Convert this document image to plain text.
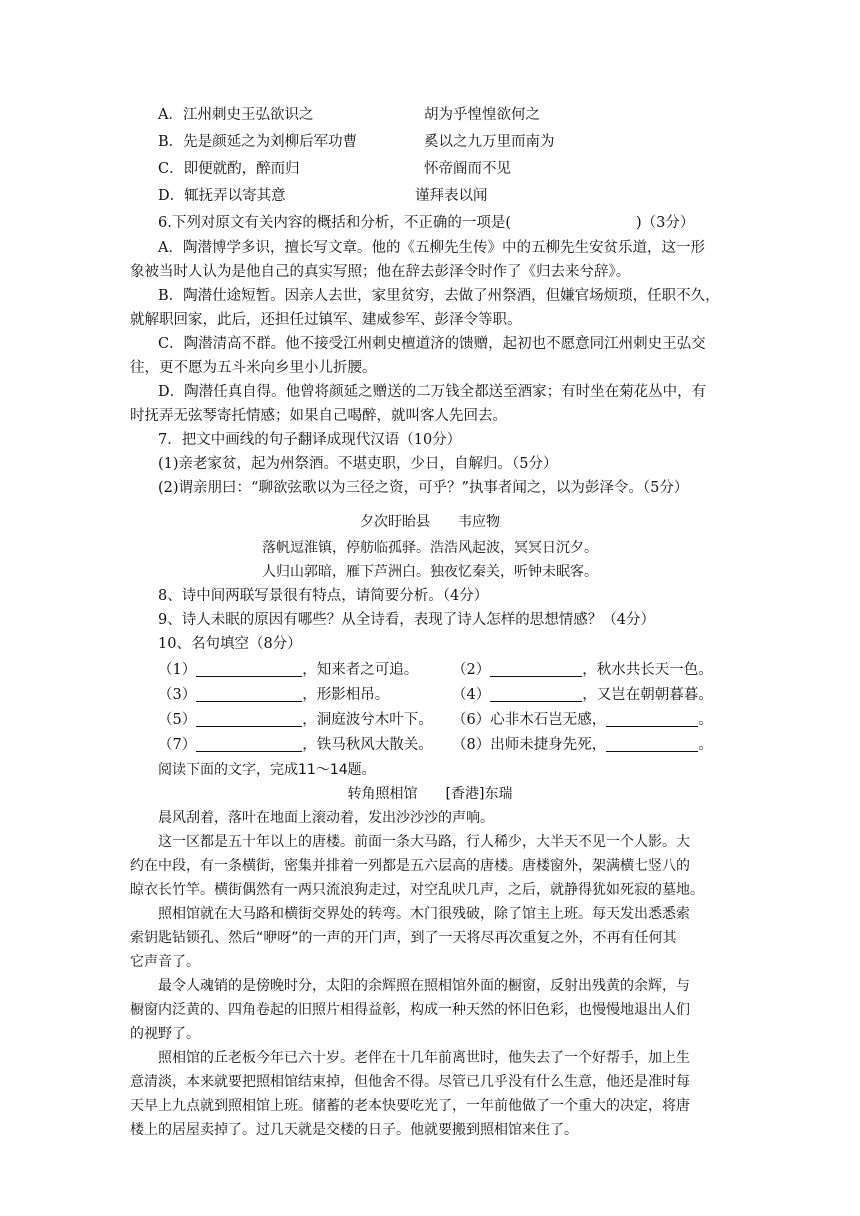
A．江州刺史王弘欲识之	胡为乎惶惶欲何之
B．先是颜延之为刘柳后军功曹	奚以之九万里而南为
C．即便就酌，醉而归	怀帝阍而不见
D．辄抚弄以寄其意	谨拜表以闻
6.下列对原文有关内容的概括和分析，不正确的一项是(	)（3分）
A．陶潜博学多识，擅长写文章。他的《五柳先生传》中的五柳先生安贫乐道，这一形
象被当时人认为是他自己的真实写照；他在辞去彭泽令时作了《归去来兮辞》。
B．陶潜仕途短暂。因亲人去世，家里贫穷，去做了州祭酒，但嫌官场烦琐，任职不久，
就解职回家，此后，还担任过镇军、建威参军、彭泽令等职。
C．陶潜清高不群。他不接受江州刺史檀道济的馈赠，起初也不愿意同江州刺史王弘交
往，更不愿为五斗米向乡里小儿折腰。
D．陶潜任真自得。他曾将颜延之赠送的二万钱全都送至酒家；有时坐在菊花丛中，有
时抚弄无弦琴寄托情感；如果自己喝醉，就叫客人先回去。
7．把文中画线的句子翻译成现代汉语（10分）
(1)亲老家贫，起为州祭酒。不堪吏职，少日，自解归。（5分）
(2)谓亲朋曰：“聊欲弦歌以为三径之资，可乎？”执事者闻之，以为彭泽令。（5分）
夕次盱眙县　　韦应物
落帆逗淮镇，停舫临孤驿。浩浩风起波，冥冥日沉夕。
人归山郭暗，雁下芦洲白。独夜忆秦关，听钟未眠客。
8、诗中间两联写景很有特点，请简要分析。（4分）
9、诗人未眠的原因有哪些？从全诗看，表现了诗人怎样的思想情感？（4分）
10、名句填空（8分）
（1）	，知来者之可追。 （2）	，秋水共长天一色。
（3）	，形影相吊。	（4）	，又岂在朝朝暮暮。
（5）	，洞庭波兮木叶下。 （6）心非木石岂无感，	。
（7）	，铁马秋风大散关。 （8）出师未捷身先死，	。
阅读下面的文字，完成11～14题。
转角照相馆　　[香港]东瑞
晨风刮着，落叶在地面上滚动着，发出沙沙沙的声响。
这一区都是五十年以上的唐楼。前面一条大马路，行人稀少，大半天不见一个人影。大
约在中段，有一条横街，密集并排着一列都是五六层高的唐楼。唐楼窗外，架满横七竖八的
晾衣长竹竿。横街偶然有一两只流浪狗走过，对空乱吠几声，之后，就静得犹如死寂的墓地。
照相馆就在大马路和横街交界处的转弯。木门很残破，除了馆主上班。每天发出悉悉索
索钥匙钻锁孔、然后“咿呀”的一声的开门声，到了一天将尽再次重复之外，不再有任何其
它声音了。
最令人魂销的是傍晚时分，太阳的余辉照在照相馆外面的橱窗，反射出残黄的余辉，与
橱窗内泛黄的、四角卷起的旧照片相得益彰，构成一种天然的怀旧色彩，也慢慢地退出人们
的视野了。
照相馆的丘老板今年已六十岁。老伴在十几年前离世时，他失去了一个好帮手，加上生
意清淡，本来就要把照相馆结束掉，但他舍不得。尽管已几乎没有什么生意，他还是准时每
天早上九点就到照相馆上班。储蓄的老本快要吃光了，一年前他做了一个重大的决定，将唐
楼上的居屋卖掉了。过几天就是交楼的日子。他就要搬到照相馆来住了。
